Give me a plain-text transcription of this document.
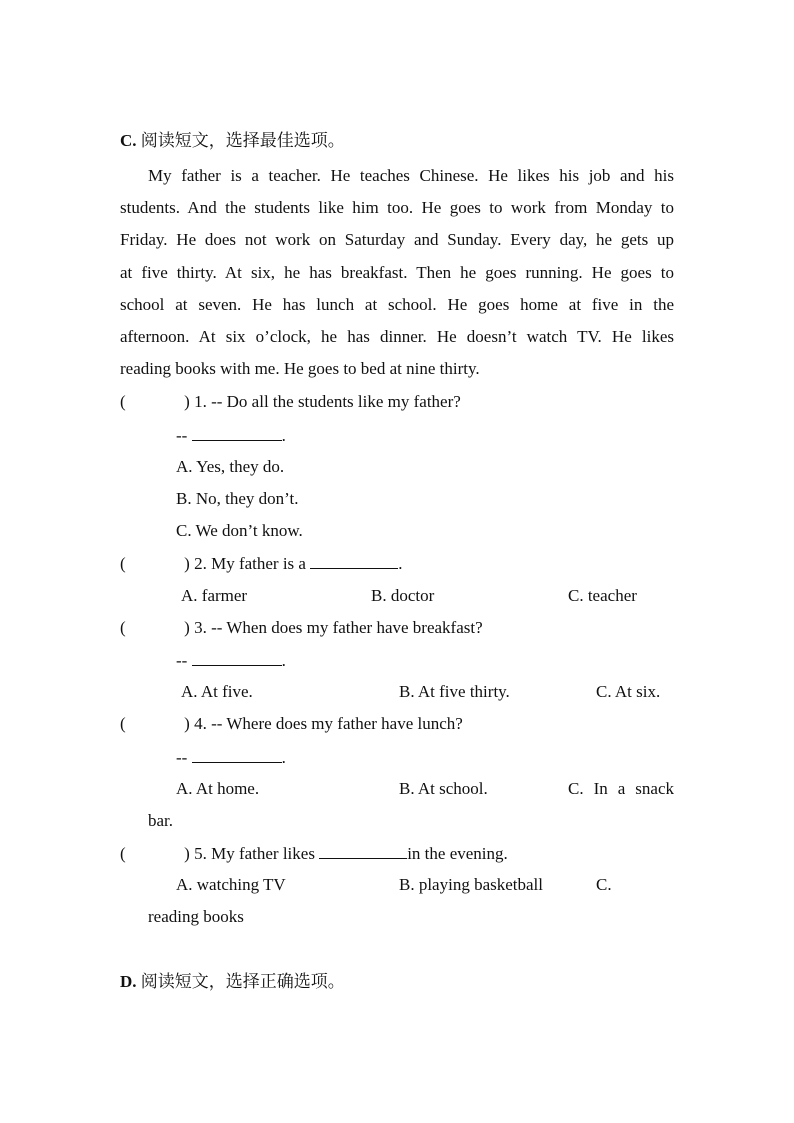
C. 阅读短文，选择最佳选项。
My father is a teacher. He teaches Chinese. He likes his job and his
students. And the students like him too. He goes to work from Monday to
Friday. He does not work on Saturday and Sunday. Every day, he gets up
at five thirty. At six, he has breakfast. Then he goes running. He goes to
school at seven. He has lunch at school. He goes home at five in the
afternoon. At six o’clock, he has dinner. He doesn’t watch TV. He likes
reading books with me. He goes to bed at nine thirty.
(	) 1. -- Do all the students like my father?
--	.
A. Yes, they do.
B. No, they don’t.
C. We don’t know.
(	) 2. My father is a	.
A. farmer	B. doctor	C. teacher
(	) 3. -- When does my father have breakfast?
--	.
A. At five.	B. At five thirty.	C. At six.
(	) 4. -- Where does my father have lunch?
--	.
A. At home.	B. At school.	C. In a snack
bar.
(	) 5. My father likes	in the evening.
A. watching TV	B. playing basketball	C.
reading books
D. 阅读短文，选择正确选项。
